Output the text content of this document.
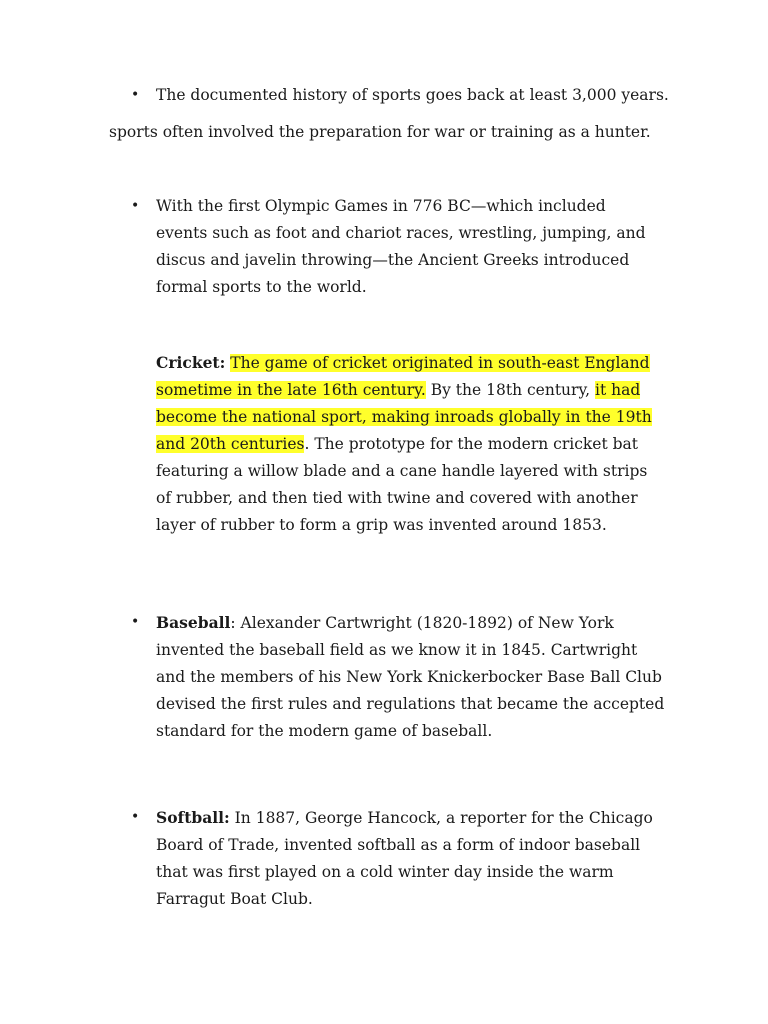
• The documented history of sports goes back at least 3,000 years.
sports often involved the preparation for war or training as a hunter.
• With the first Olympic Games in 776 BC—which included events such as foot and chariot races, wrestling, jumping, and discus and javelin throwing—the Ancient Greeks introduced formal sports to the world.
Cricket: The game of cricket originated in south-east England sometime in the late 16th century. By the 18th century, it had become the national sport, making inroads globally in the 19th and 20th centuries. The prototype for the modern cricket bat featuring a willow blade and a cane handle layered with strips of rubber, and then tied with twine and covered with another layer of rubber to form a grip was invented around 1853.
• Baseball: Alexander Cartwright (1820-1892) of New York invented the baseball field as we know it in 1845. Cartwright and the members of his New York Knickerbocker Base Ball Club devised the first rules and regulations that became the accepted standard for the modern game of baseball.
• Softball: In 1887, George Hancock, a reporter for the Chicago Board of Trade, invented softball as a form of indoor baseball that was first played on a cold winter day inside the warm Farragut Boat Club.
